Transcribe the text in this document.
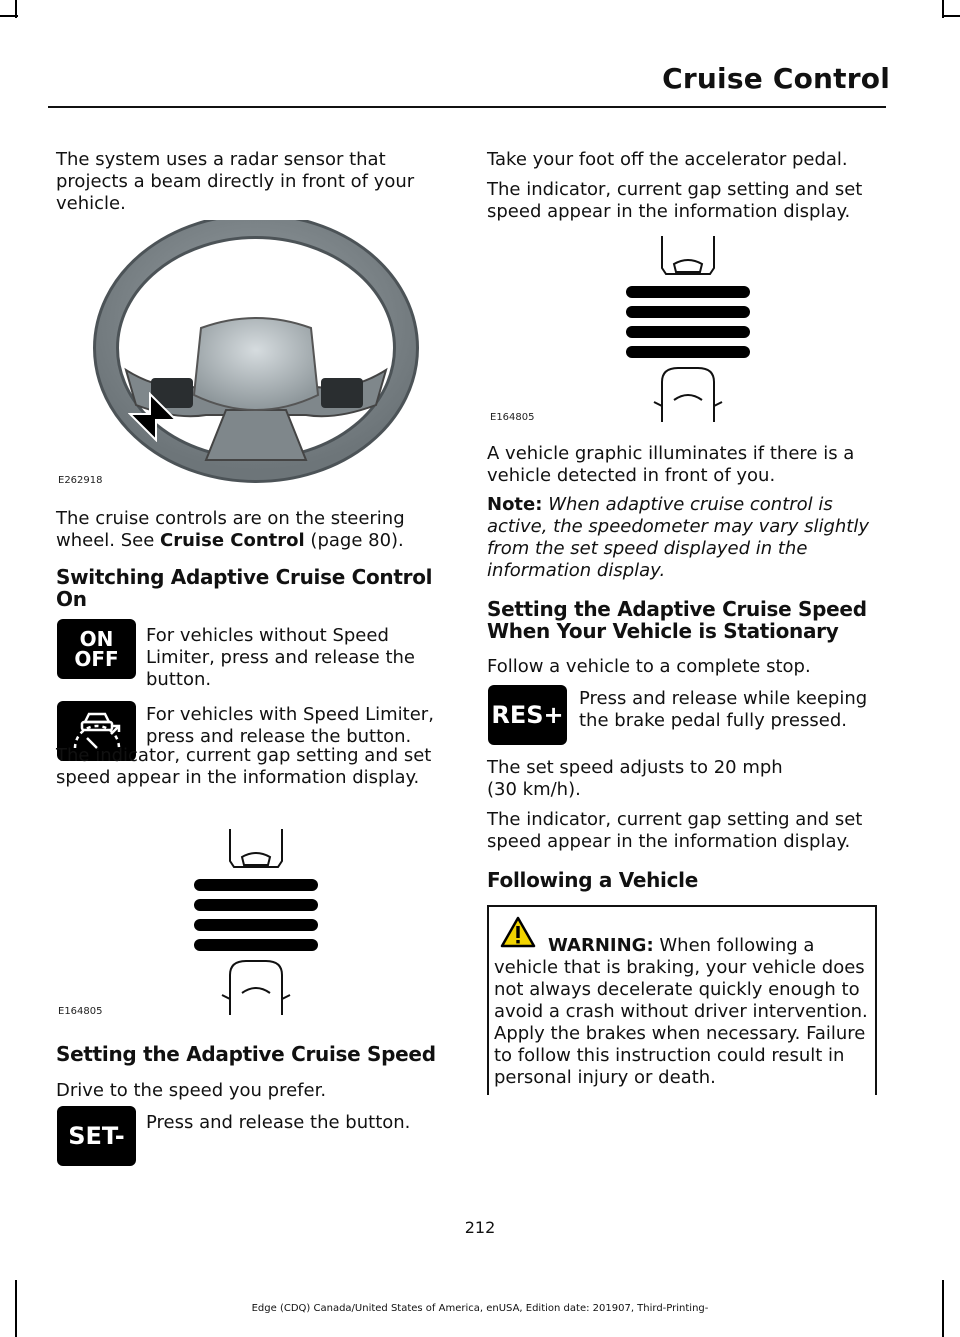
Cruise Control
The system uses a radar sensor that projects a beam directly in front of your vehicle.
E262918
The cruise controls are on the steering wheel. See Cruise Control (page 80).
Switching Adaptive Cruise Control On
ON
OFF
For vehicles without Speed Limiter, press and release the button.
For vehicles with Speed Limiter, press and release the button.
The indicator, current gap setting and set speed appear in the information display.
E164805
Setting the Adaptive Cruise Speed
Drive to the speed you prefer.
SET-	Press and release the button.
Take your foot off the accelerator pedal.
The indicator, current gap setting and set speed appear in the information display.
E164805
A vehicle graphic illuminates if there is a vehicle detected in front of you.
Note: When adaptive cruise control is active, the speedometer may vary slightly from the set speed displayed in the information display.
Setting the Adaptive Cruise Speed When Your Vehicle is Stationary
Follow a vehicle to a complete stop.
RES+
Press and release while keeping the brake pedal fully pressed.
The set speed adjusts to 20 mph (30 km/h).
The indicator, current gap setting and set speed appear in the information display.
Following a Vehicle
WARNING: When following a vehicle that is braking, your vehicle does not always decelerate quickly enough to avoid a crash without driver intervention. Apply the brakes when necessary. Failure to follow this instruction could result in personal injury or death.
212
Edge (CDQ) Canada/United States of America, enUSA, Edition date: 201907, Third-Printing-
